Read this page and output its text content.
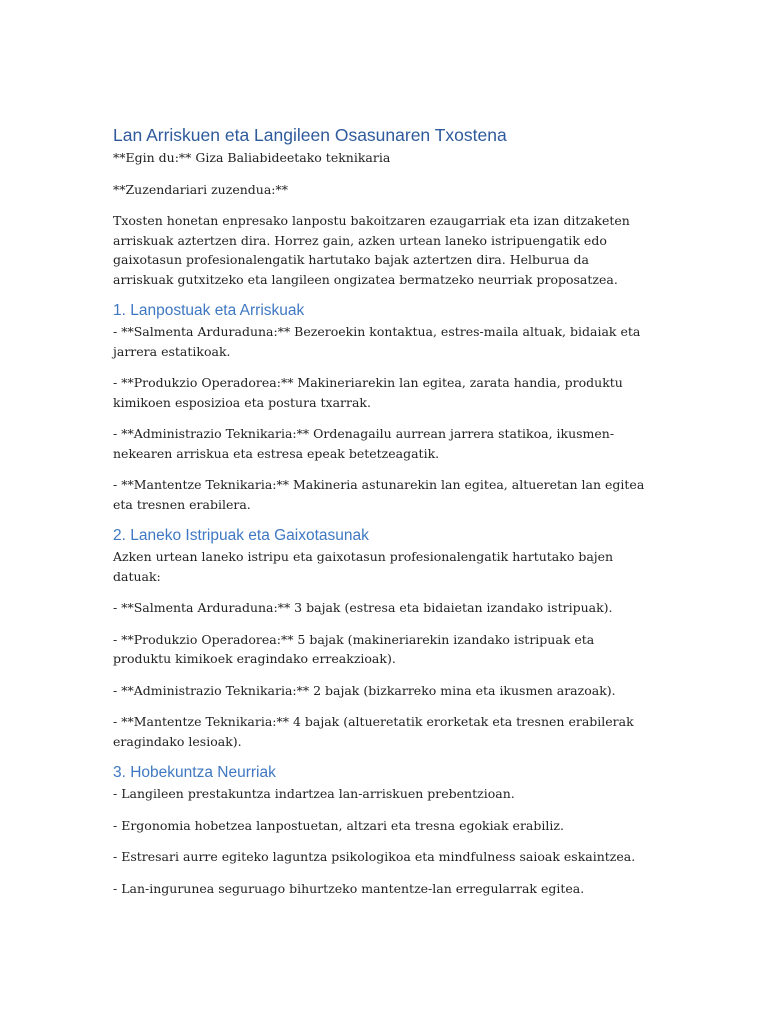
Lan Arriskuen eta Langileen Osasunaren Txostena

**Egin du:** Giza Baliabideetako teknikaria

**Zuzendariari zuzendua:**

Txosten honetan enpresako lanpostu bakoitzaren ezaugarriak eta izan ditzaketen arriskuak aztertzen dira. Horrez gain, azken urtean laneko istripuengatik edo gaixotasun profesionalengatik hartutako bajak aztertzen dira. Helburua da arriskuak gutxitzeko eta langileen ongizatea bermatzeko neurriak proposatzea.

1. Lanpostuak eta Arriskuak

- **Salmenta Arduraduna:** Bezeroekin kontaktua, estres-maila altuak, bidaiak eta jarrera estatikoak.

- **Produkzio Operadorea:** Makineriarekin lan egitea, zarata handia, produktu kimikoen esposizioa eta postura txarrak.

- **Administrazio Teknikaria:** Ordenagailu aurrean jarrera statikoa, ikusmen-nekearen arriskua eta estresa epeak betetzeagatik.

- **Mantentze Teknikaria:** Makineria astunarekin lan egitea, altueretan lan egitea eta tresnen erabilera.

2. Laneko Istripuak eta Gaixotasunak

Azken urtean laneko istripu eta gaixotasun profesionalengatik hartutako bajen datuak:

- **Salmenta Arduraduna:** 3 bajak (estresa eta bidaietan izandako istripuak).

- **Produkzio Operadorea:** 5 bajak (makineriarekin izandako istripuak eta produktu kimikoek eragindako erreakzioak).

- **Administrazio Teknikaria:** 2 bajak (bizkarreko mina eta ikusmen arazoak).

- **Mantentze Teknikaria:** 4 bajak (altueretatik erorketak eta tresnen erabilerak eragindako lesioak).

3. Hobekuntza Neurriak

- Langileen prestakuntza indartzea lan-arriskuen prebentzioan.

- Ergonomia hobetzea lanpostuetan, altzari eta tresna egokiak erabiliz.

- Estresari aurre egiteko laguntza psikologikoa eta mindfulness saioak eskaintzea.

- Lan-ingurunea seguruago bihurtzeko mantentze-lan erregularrak egitea.
